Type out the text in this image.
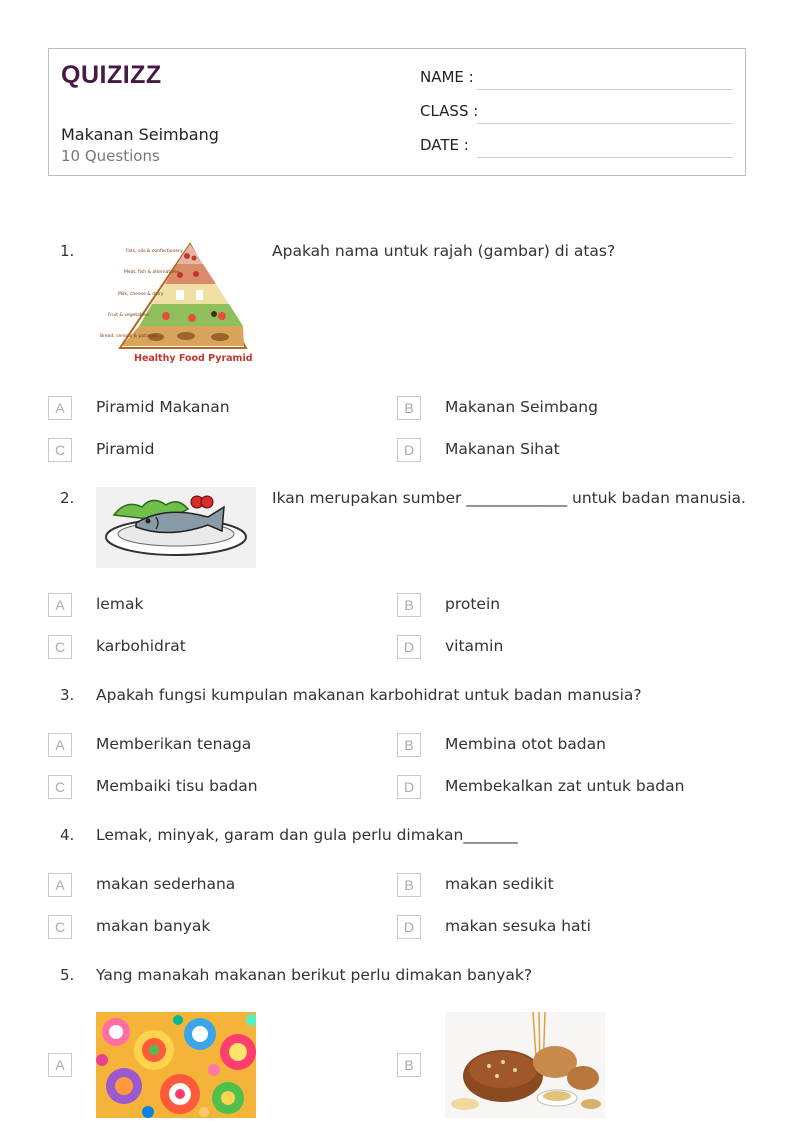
QUIZIZZ
Makanan Seimbang
10 Questions
NAME :
CLASS :
DATE :
1.	Fats, oils & confectionery
Meat, fish & alternatives
Milk, cheese & dairy
Fruit & vegetables
Bread, cereals & potatoes
Healthy Food Pyramid
Apakah nama untuk rajah (gambar) di atas?
A	Piramid Makanan	B	Makanan Seimbang
C	Piramid	D	Makanan Sihat
2.	Ikan merupakan sumber _____________ untuk badan manusia.
A	lemak	B	protein
C	karbohidrat	D	vitamin
3. Apakah fungsi kumpulan makanan karbohidrat untuk badan manusia?
A	Memberikan tenaga	B	Membina otot badan
C	Membaiki tisu badan	D	Membekalkan zat untuk badan
4. Lemak, minyak, garam dan gula perlu dimakan_______
A	makan sederhana	B	makan sedikit
C	makan banyak	D	makan sesuka hati
5. Yang manakah makanan berikut perlu dimakan banyak?
A	B
